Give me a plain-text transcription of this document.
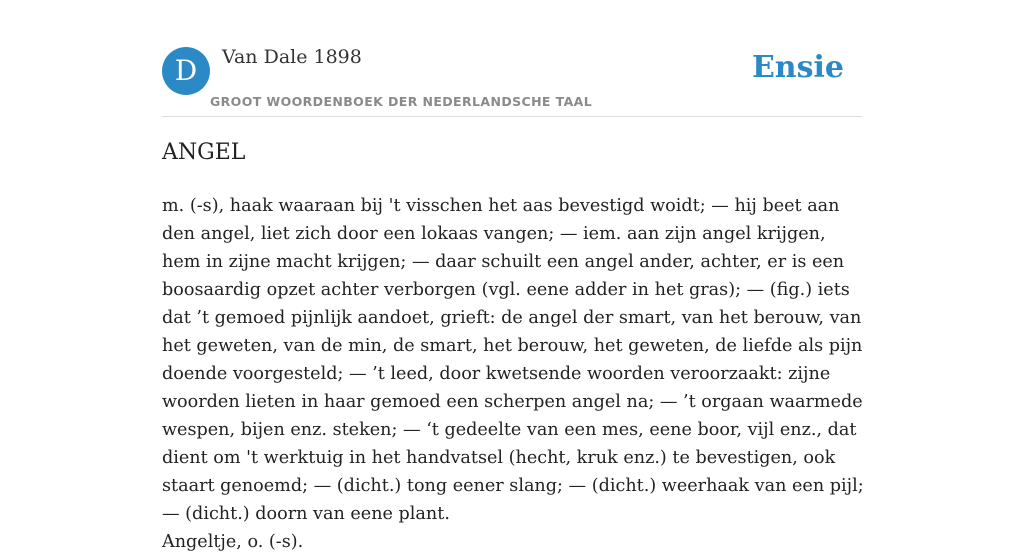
D	Van Dale 1898
GROOT WOORDENBOEK DER NEDERLANDSCHE TAAL
Ensie
ANGEL

m. (-s), haak waaraan bij 't visschen het aas bevestigd woidt; — hij beet aan den angel, liet zich door een lokaas vangen; — iem. aan zijn angel krijgen, hem in zijne macht krijgen; — daar schuilt een angel ander, achter, er is een boosaardig opzet achter verborgen (vgl. eene adder in het gras); — (fig.) iets dat ’t gemoed pijnlijk aandoet, grieft: de angel der smart, van het berouw, van het geweten, van de min, de smart, het berouw, het geweten, de liefde als pijn doende voorgesteld; — ’t leed, door kwetsende woorden veroorzaakt: zijne woorden lieten in haar gemoed een scherpen angel na; — ’t orgaan waarmede wespen, bijen enz. steken; — ‘t gedeelte van een mes, eene boor, vijl enz., dat dient om 't werktuig in het handvatsel (hecht, kruk enz.) te bevestigen, ook staart genoemd; — (dicht.) tong eener slang; — (dicht.) weerhaak van een pijl; — (dicht.) doorn van eene plant.
Angeltje, o. (-s).
